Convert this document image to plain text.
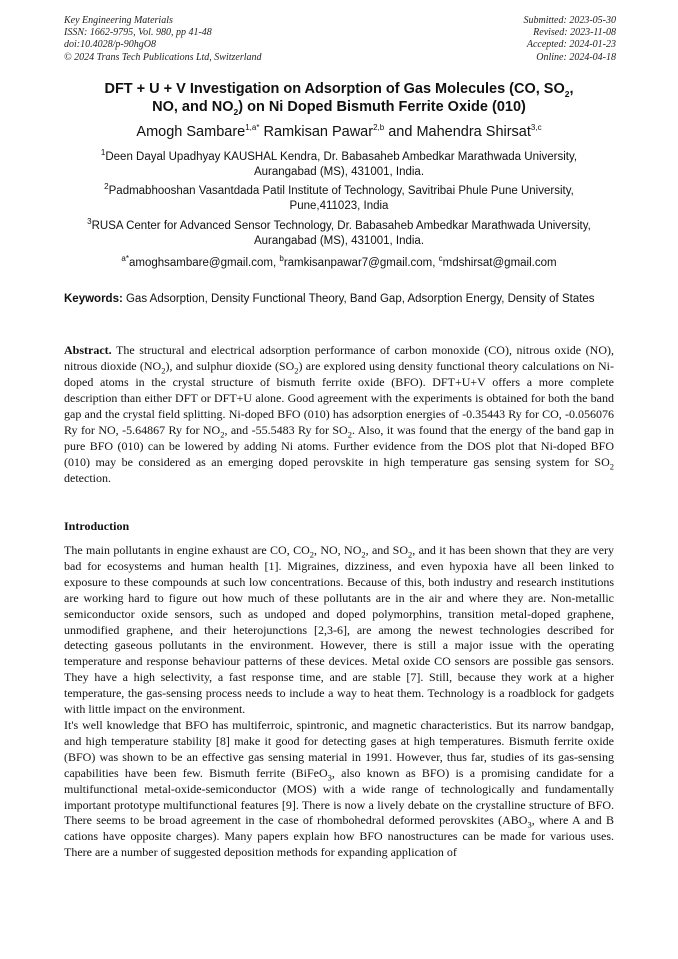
Key Engineering Materials
ISSN: 1662-9795, Vol. 980, pp 41-48
doi:10.4028/p-90hgO8
© 2024 Trans Tech Publications Ltd, Switzerland
Submitted: 2023-05-30
Revised: 2023-11-08
Accepted: 2024-01-23
Online: 2024-04-18
DFT + U + V Investigation on Adsorption of Gas Molecules (CO, $SO_2$,
NO, and $NO_2$) on Ni Doped Bismuth Ferrite Oxide (010)
Amogh Sambare$^{1,a*}$ Ramkisan Pawar$^{2,b}$ and Mahendra Shirsat$^{3,c}$
$^1$Deen Dayal Upadhyay KAUSHAL Kendra, Dr. Babasaheb Ambedkar Marathwada University, Aurangabad (MS), 431001, India.
$^2$Padmabhooshan Vasantdada Patil Institute of Technology, Savitribai Phule Pune University, Pune,411023, India
$^3$RUSA Center for Advanced Sensor Technology, Dr. Babasaheb Ambedkar Marathwada University, Aurangabad (MS), 431001, India.
$^{a*}$amoghsambare@gmail.com, $^b$ramkisanpawar7@gmail.com, $^c$mdshirsat@gmail.com
Keywords: Gas Adsorption, Density Functional Theory, Band Gap, Adsorption Energy, Density of States
Abstract. The structural and electrical adsorption performance of carbon monoxide (CO), nitrous oxide (NO), nitrous dioxide $(NO_2)$, and sulphur dioxide $(SO_2)$ are explored using density functional theory calculations on Ni-doped atoms in the crystal structure of bismuth ferrite oxide (BFO). DFT+U+V offers a more complete description than either DFT or DFT+U alone. Good agreement with the experiments is obtained for both the band gap and the crystal field splitting. Ni-doped BFO (010) has adsorption energies of -0.35443 Ry for CO, -0.056076 Ry for NO, -5.64867 Ry for $NO_2$, and -55.5483 Ry for $SO_2$. Also, it was found that the energy of the band gap in pure BFO (010) can be lowered by adding Ni atoms. Further evidence from the DOS plot that Ni-doped BFO (010) may be considered as an emerging doped perovskite in high temperature gas sensing system for $SO_2$ detection.
Introduction

The main pollutants in engine exhaust are CO, $CO_2$, NO, $NO_2$, and $SO_2$, and it has been shown that they are very bad for ecosystems and human health [1]. Migraines, dizziness, and even hypoxia have all been linked to exposure to these compounds at such low concentrations. Because of this, both industry and research institutions are working hard to figure out how much of these pollutants are in the air and where they are. Non-metallic semiconductor oxide sensors, such as undoped and doped polymorphins, transition metal-doped graphene, unmodified graphene, and their heterojunctions [2,3-6], are among the newest technologies described for detecting gaseous pollutants in the environment. However, there is still a major issue with the operating temperature and response behaviour patterns of these devices. Metal oxide CO sensors are possible gas sensors. They have a high selectivity, a fast response time, and are stable [7]. Still, because they work at a higher temperature, the gas-sensing process needs to include a way to heat them. Technology is a roadblock for gadgets with little impact on the environment.

It's well knowledge that BFO has multiferroic, spintronic, and magnetic characteristics. But its narrow bandgap, and high temperature stability [8] make it good for detecting gases at high temperatures. Bismuth ferrite oxide (BFO) was shown to be an effective gas sensing material in 1991. However, thus far, studies of its gas-sensing capabilities have been few. Bismuth ferrite (BiFeO$_3$, also known as BFO) is a promising candidate for a multifunctional metal-oxide-semiconductor (MOS) with a wide range of technologically and fundamentally important prototype multifunctional features [9]. There is now a lively debate on the crystalline structure of BFO. There seems to be broad agreement in the case of rhombohedral deformed perovskites ($ABO_3$, where A and B cations have opposite charges). Many papers explain how BFO nanostructures can be made for various uses. There are a number of suggested deposition methods for expanding application of
